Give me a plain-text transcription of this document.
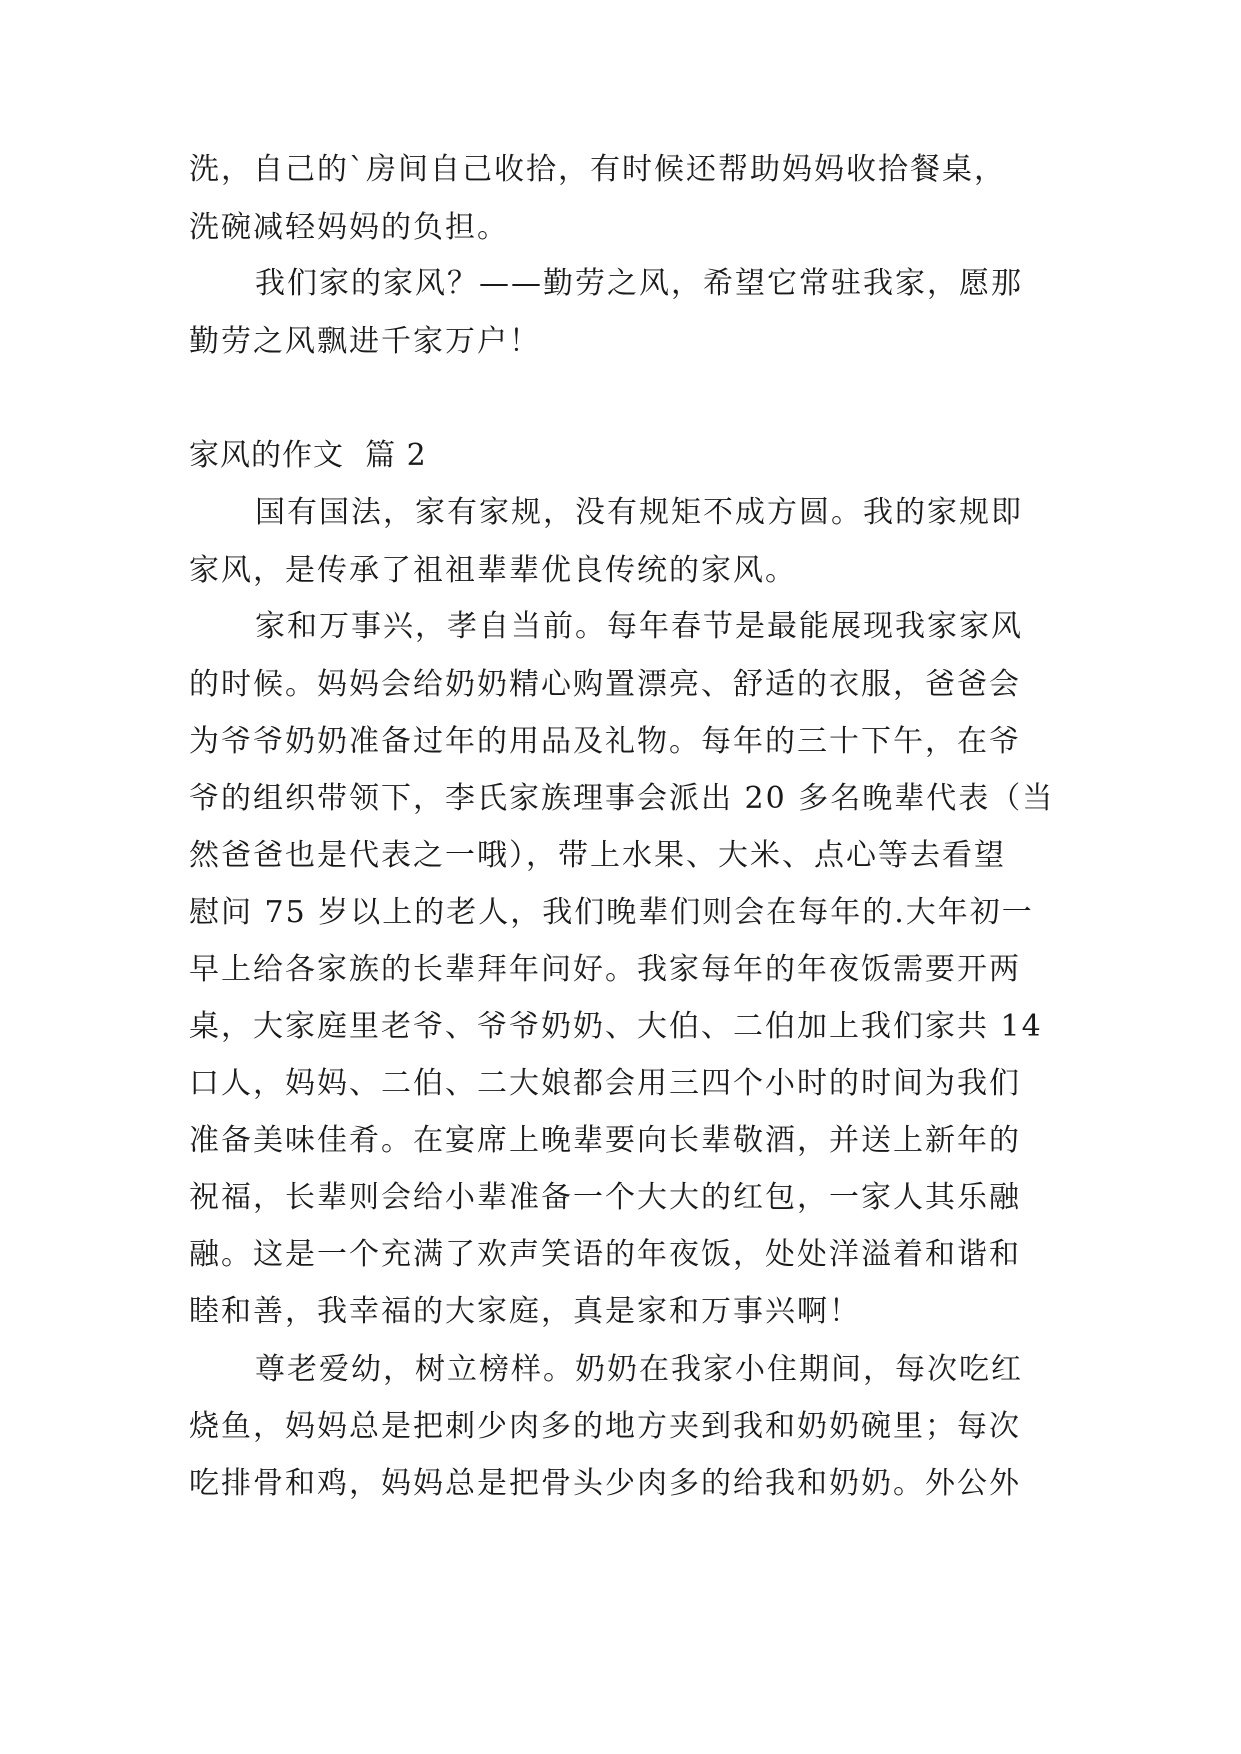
洗，自己的`房间自己收拾，有时候还帮助妈妈收拾餐桌，
洗碗减轻妈妈的负担。
我们家的家风？——勤劳之风，希望它常驻我家，愿那
勤劳之风飘进千家万户！
家风的作文  篇 2
国有国法，家有家规，没有规矩不成方圆。我的家规即
家风，是传承了祖祖辈辈优良传统的家风。
家和万事兴，孝自当前。每年春节是最能展现我家家风
的时候。妈妈会给奶奶精心购置漂亮、舒适的衣服，爸爸会
为爷爷奶奶准备过年的用品及礼物。每年的三十下午，在爷
爷的组织带领下，李氏家族理事会派出 20 多名晚辈代表（当
然爸爸也是代表之一哦），带上水果、大米、点心等去看望
慰问 75 岁以上的老人，我们晚辈们则会在每年的.大年初一
早上给各家族的长辈拜年问好。我家每年的年夜饭需要开两
桌，大家庭里老爷、爷爷奶奶、大伯、二伯加上我们家共 14
口人，妈妈、二伯、二大娘都会用三四个小时的时间为我们
准备美味佳肴。在宴席上晚辈要向长辈敬酒，并送上新年的
祝福，长辈则会给小辈准备一个大大的红包，一家人其乐融
融。这是一个充满了欢声笑语的年夜饭，处处洋溢着和谐和
睦和善，我幸福的大家庭，真是家和万事兴啊！
尊老爱幼，树立榜样。奶奶在我家小住期间，每次吃红
烧鱼，妈妈总是把刺少肉多的地方夹到我和奶奶碗里；每次
吃排骨和鸡，妈妈总是把骨头少肉多的给我和奶奶。外公外
